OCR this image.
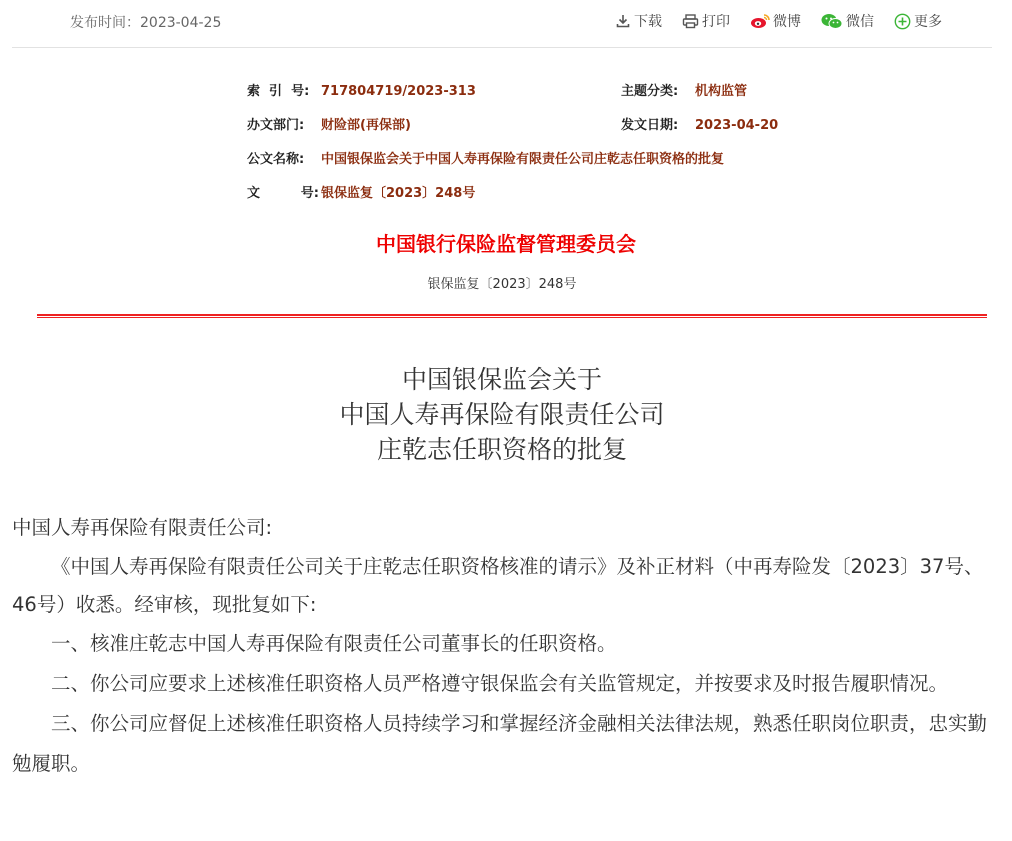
发布时间：2023-04-25	下载	打印	微博	微信	更多
索  引  号: 717804719/2023-313	主题分类: 机构监管
办文部门: 财险部(再保部)	发文日期: 2023-04-20
公文名称: 中国银保监会关于中国人寿再保险有限责任公司庄乾志任职资格的批复
文         号: 银保监复〔2023〕248号
中国银行保险监督管理委员会
银保监复〔2023〕248号
中国银保监会关于
中国人寿再保险有限责任公司
庄乾志任职资格的批复

中国人寿再保险有限责任公司:

《中国人寿再保险有限责任公司关于庄乾志任职资格核准的请示》及补正材料（中再寿险发〔2023〕37号、46号）收悉。经审核，现批复如下:

一、核准庄乾志中国人寿再保险有限责任公司董事长的任职资格。

二、你公司应要求上述核准任职资格人员严格遵守银保监会有关监管规定，并按要求及时报告履职情况。

三、你公司应督促上述核准任职资格人员持续学习和掌握经济金融相关法律法规，熟悉任职岗位职责，忠实勤勉履职。
